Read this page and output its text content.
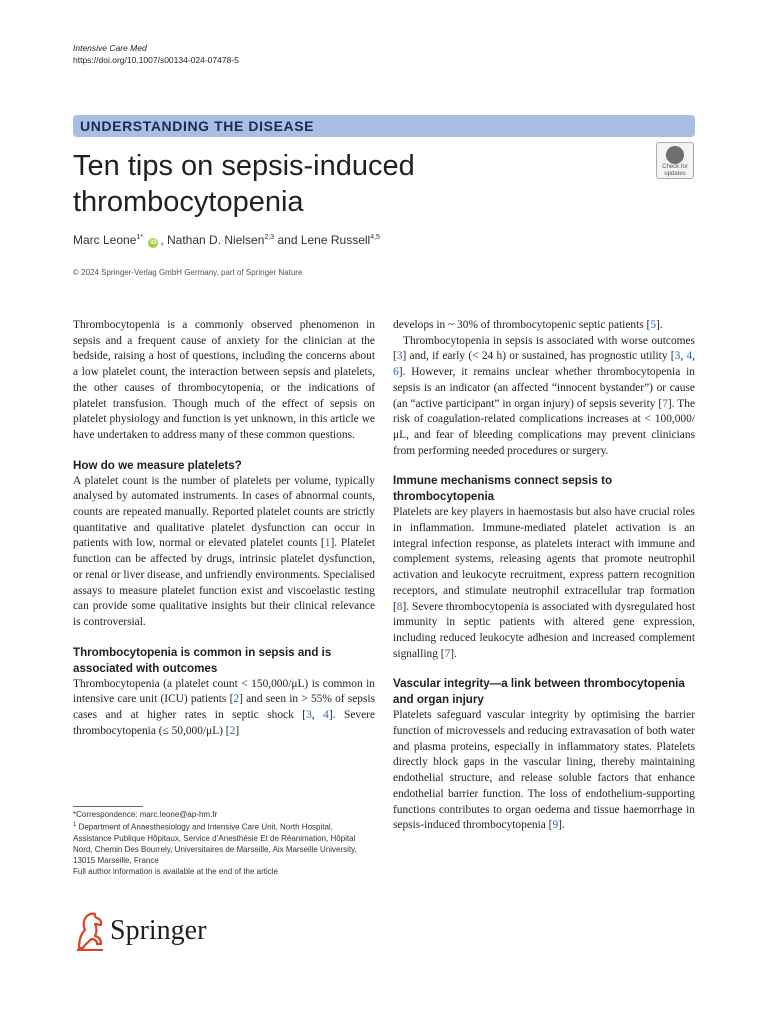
Intensive Care Med
https://doi.org/10.1007/s00134-024-07478-5
UNDERSTANDING THE DISEASE
Ten tips on sepsis-induced thrombocytopenia
Check for
updates
Marc Leone$^{1*}$ iD , Nathan D. Nielsen$^{2,3}$ and Lene Russell$^{4,5}$
© 2024 Springer-Verlag GmbH Germany, part of Springer Nature

Thrombocytopenia is a commonly observed phenomenon in sepsis and a frequent cause of anxiety for the clinician at the bedside, raising a host of questions, including the concerns about a low platelet count, the interaction between sepsis and platelets, the other causes of thrombocytopenia, or the indications of platelet transfusion. Though much of the effect of sepsis on platelet physiology and function is yet unknown, in this article we have undertaken to address many of these common questions.

How do we measure platelets?

A platelet count is the number of platelets per volume, typically analysed by automated instruments. In cases of abnormal counts, counts are repeated manually. Reported platelet counts are strictly quantitative and qualitative platelet dysfunction can occur in patients with low, normal or elevated platelet counts [1]. Platelet function can be affected by drugs, intrinsic platelet dysfunction, or renal or liver disease, and unfriendly environments. Specialised assays to measure platelet function exist and viscoelastic testing can provide some qualitative insights but their clinical relevance is controversial.

Thrombocytopenia is common in sepsis and is associated with outcomes

Thrombocytopenia (a platelet count < 150,000/μL) is common in intensive care unit (ICU) patients [2] and seen in > 55% of sepsis cases and at higher rates in septic shock [3, 4]. Severe thrombocytopenia (≤ 50,000/μL) [2]

develops in ~ 30% of thrombocytopenic septic patients [5].

Thrombocytopenia in sepsis is associated with worse outcomes [3] and, if early (< 24 h) or sustained, has prognostic utility [3, 4, 6]. However, it remains unclear whether thrombocytopenia in sepsis is an indicator (an affected “innocent bystander”) or cause (an “active participant” in organ injury) of sepsis severity [7]. The risk of coagulation-related complications increases at < 100,000/μL, and fear of bleeding complications may prevent clinicians from performing needed procedures or surgery.

Immune mechanisms connect sepsis to thrombocytopenia

Platelets are key players in haemostasis but also have crucial roles in inflammation. Immune-mediated platelet activation is an integral infection response, as platelets interact with immune and complement systems, releasing agents that promote neutrophil activation and leukocyte recruitment, express pattern recognition receptors, and stimulate neutrophil extracellular trap formation [8]. Severe thrombocytopenia is associated with dysregulated host immunity in septic patients with altered gene expression, including reduced leukocyte adhesion and increased complement signalling [7].

Vascular integrity—a link between thrombocytopenia and organ injury

Platelets safeguard vascular integrity by optimising the barrier function of microvessels and reducing extravasation of both water and plasma proteins, especially in inflammatory states. Platelets directly block gaps in the vascular lining, thereby maintaining endothelial structure, and release soluble factors that enhance endothelial barrier function. The loss of endothelium-supporting functions contributes to organ oedema and tissue haemorrhage in sepsis-induced thrombocytopenia [9].

*Correspondence: marc.leone@ap-hm.fr
$^1$ Department of Anaesthesiology and Intensive Care Unit, North Hospital, Assistance Publique Hôpitaux, Service d’Anesthésie Et de Réanimation, Hôpital Nord, Chemin Des Bourrely, Universitaires de Marseille, Aix Marseille University, 13015 Marseille, France
Full author information is available at the end of the article
Springer
